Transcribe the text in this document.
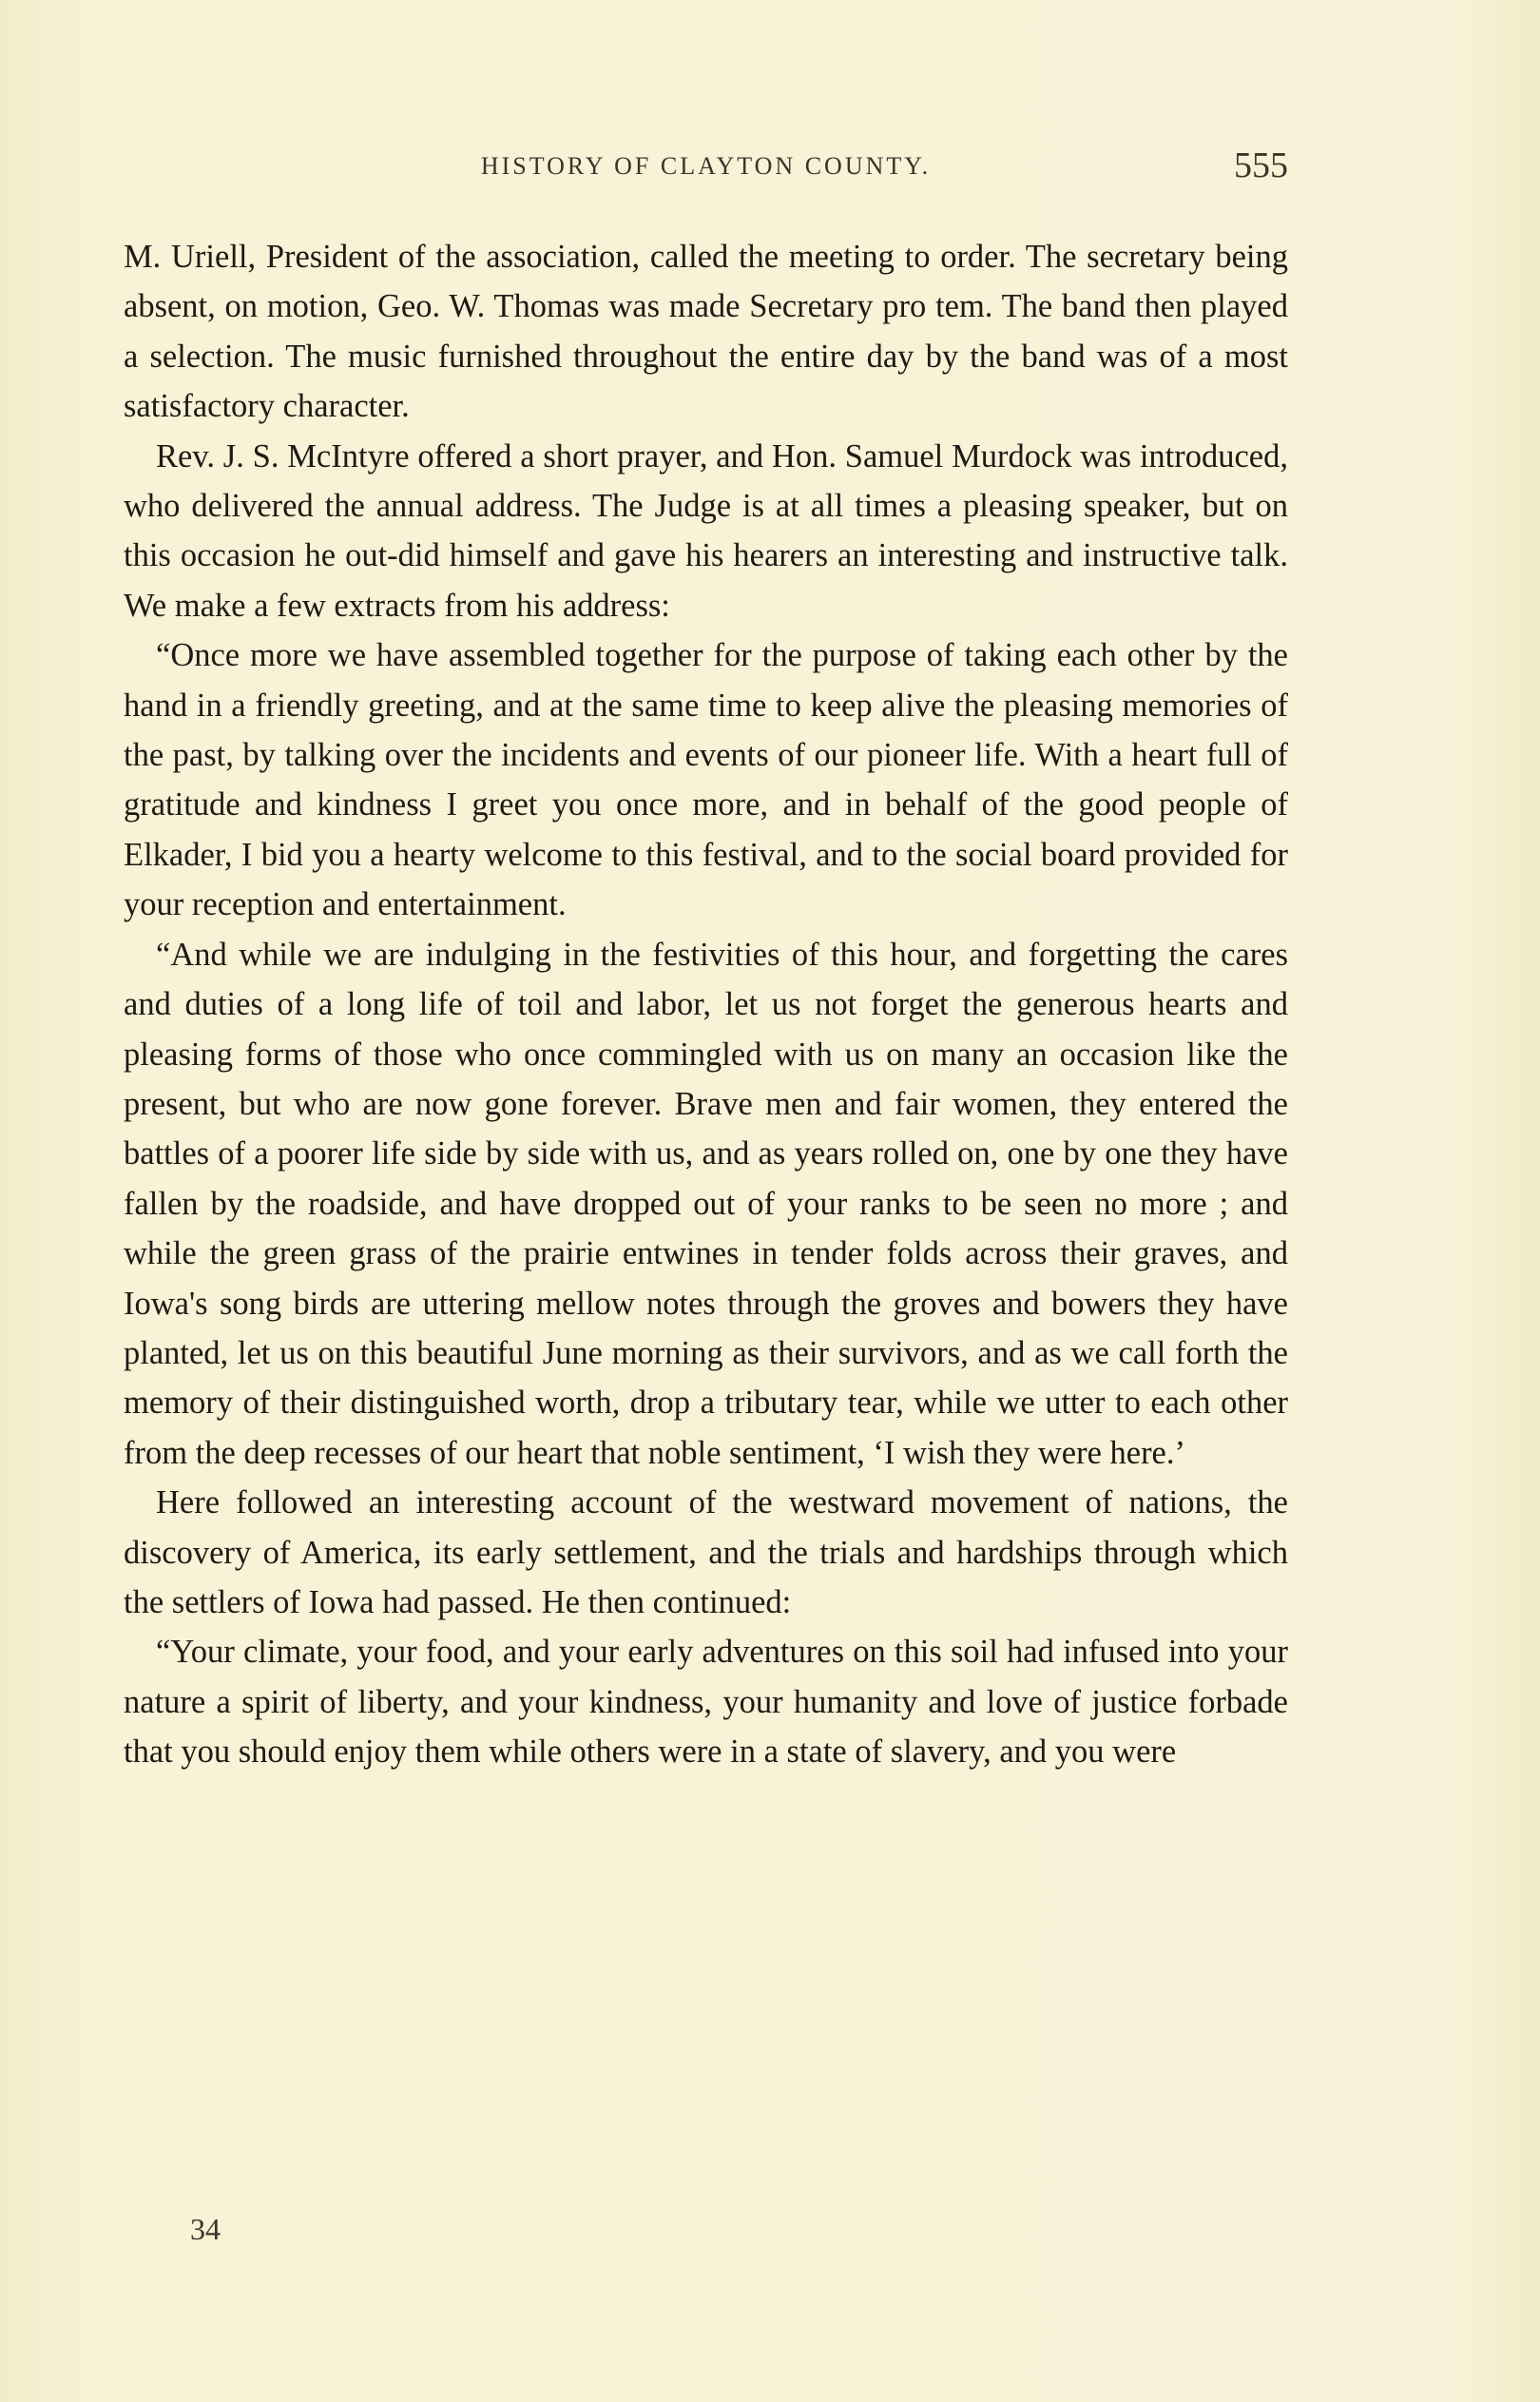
HISTORY OF CLAYTON COUNTY.	555

M. Uriell, President of the association, called the meeting to order. The secretary being absent, on motion, Geo. W. Thomas was made Secretary pro tem. The band then played a selection. The music furnished throughout the entire day by the band was of a most satisfactory character.

Rev. J. S. McIntyre offered a short prayer, and Hon. Samuel Murdock was introduced, who delivered the annual address. The Judge is at all times a pleasing speaker, but on this occasion he out-did himself and gave his hearers an interesting and instructive talk. We make a few extracts from his address:

“Once more we have assembled together for the purpose of taking each other by the hand in a friendly greeting, and at the same time to keep alive the pleasing memories of the past, by talking over the incidents and events of our pioneer life. With a heart full of gratitude and kindness I greet you once more, and in behalf of the good people of Elkader, I bid you a hearty welcome to this festival, and to the social board provided for your reception and entertainment.

“And while we are indulging in the festivities of this hour, and forgetting the cares and duties of a long life of toil and labor, let us not forget the generous hearts and pleasing forms of those who once commingled with us on many an occasion like the present, but who are now gone forever. Brave men and fair women, they entered the battles of a poorer life side by side with us, and as years rolled on, one by one they have fallen by the roadside, and have dropped out of your ranks to be seen no more ; and while the green grass of the prairie entwines in tender folds across their graves, and Iowa's song birds are uttering mellow notes through the groves and bowers they have planted, let us on this beautiful June morning as their survivors, and as we call forth the memory of their distinguished worth, drop a tributary tear, while we utter to each other from the deep recesses of our heart that noble sentiment, ‘I wish they were here.’

Here followed an interesting account of the westward movement of nations, the discovery of America, its early settlement, and the trials and hardships through which the settlers of Iowa had passed. He then continued:

“Your climate, your food, and your early adventures on this soil had infused into your nature a spirit of liberty, and your kindness, your humanity and love of justice forbade that you should enjoy them while others were in a state of slavery, and you were

34
